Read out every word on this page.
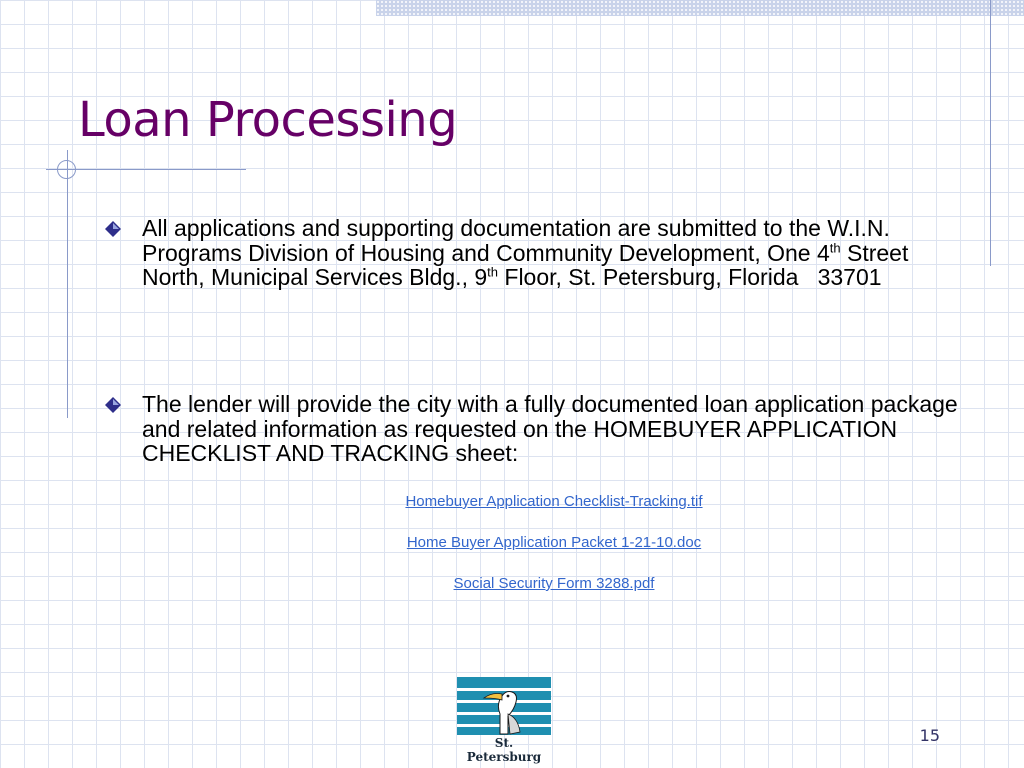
Loan Processing
All applications and supporting documentation are submitted to the W.I.N. Programs Division of Housing and Community Development, One 4th Street North, Municipal Services Bldg., 9th Floor, St. Petersburg, Florida   33701
The lender will provide the city with a fully documented loan application package and related information as requested on the HOMEBUYER APPLICATION CHECKLIST AND TRACKING sheet:
Homebuyer Application Checklist-Tracking.tif
Home Buyer Application Packet 1-21-10.doc
Social Security Form 3288.pdf
St. Petersburg
15
